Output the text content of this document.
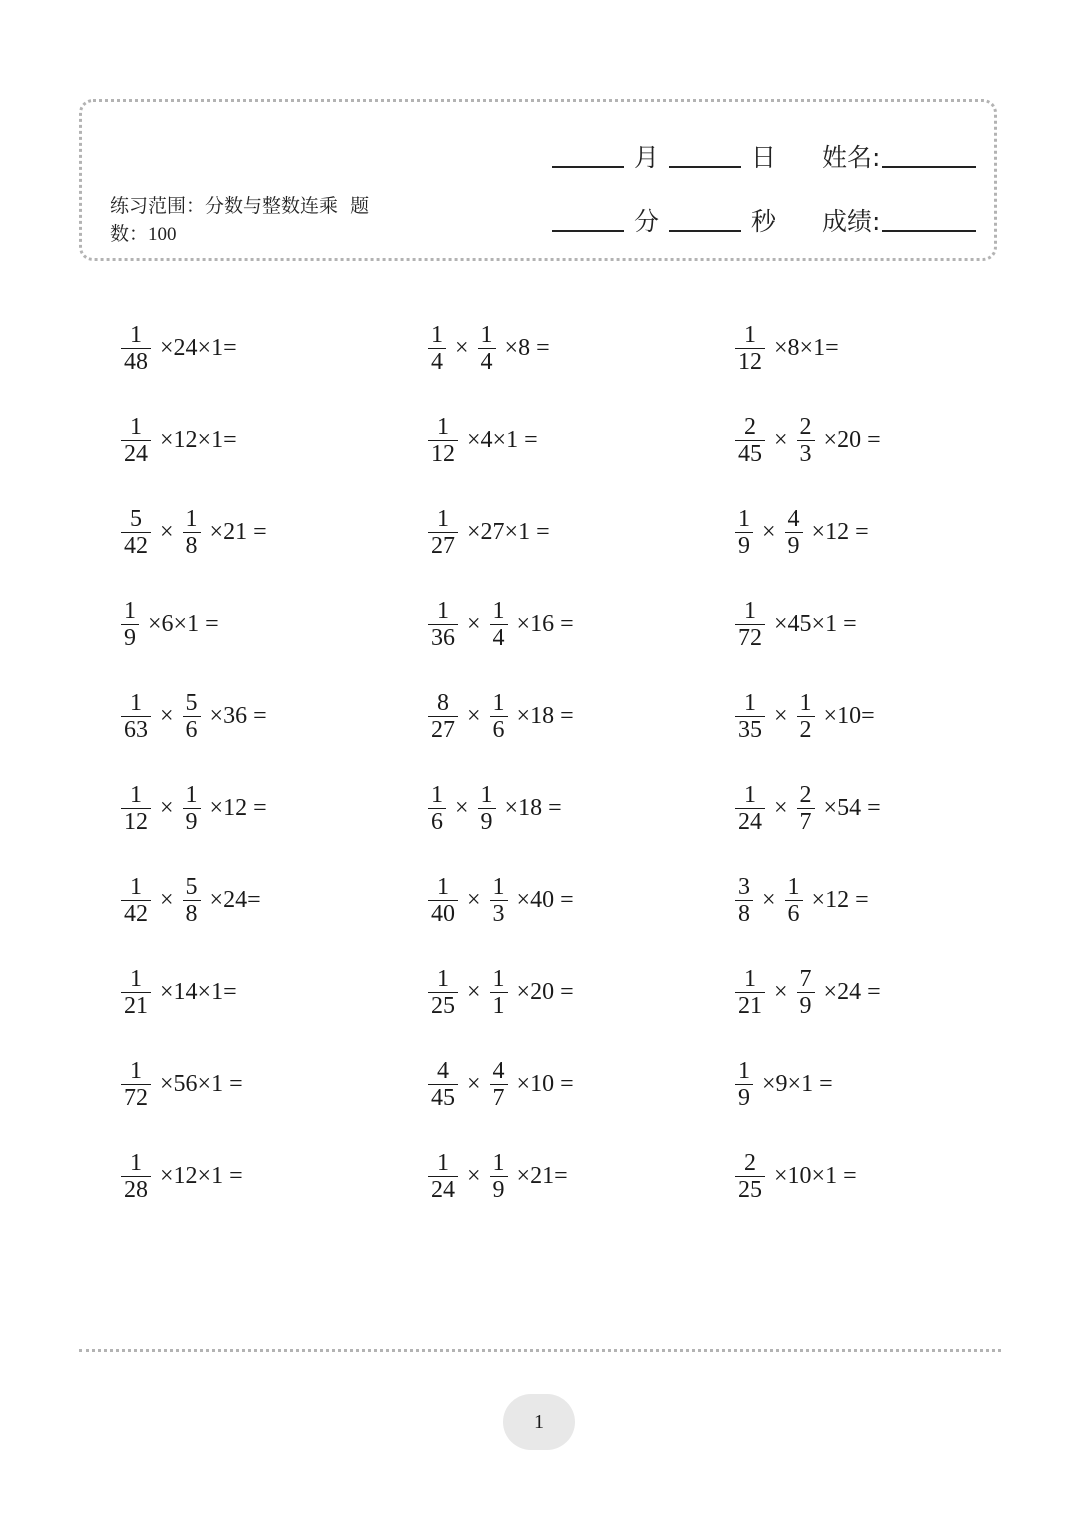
练习范围：分数与整数连乘 题
数：100
月	日 姓名:
分	秒 成绩:
$\frac{1}{48} \times 24\times 1=$	$\frac{1}{4} \times \frac{1}{4} \times 8$ =	$\frac{1}{12} \times 8\times 1=$
$\frac{1}{24} \times 12\times 1=$	$\frac{1}{12} \times 4\times 1$ =	$\frac{2}{45} \times \frac{2}{3} \times 20$ =
$\frac{5}{42} \times \frac{1}{8} \times 21$ =	$\frac{1}{27} \times 27\times 1$ =	$\frac{1}{9} \times \frac{4}{9} \times 12$ =
$\frac{1}{9} \times 6\times 1$ =	$\frac{1}{36} \times \frac{1}{4} \times 16$ =	$\frac{1}{72} \times 45\times 1$ =
$\frac{1}{63} \times \frac{5}{6} \times 36$ =	$\frac{8}{27} \times \frac{1}{6} \times 18$ =	$\frac{1}{35} \times \frac{1}{2} \times 10=$
$\frac{1}{12} \times \frac{1}{9} \times 12$ =	$\frac{1}{6} \times \frac{1}{9} \times 18$ =	$\frac{1}{24} \times \frac{2}{7} \times 54$ =
$\frac{1}{42} \times \frac{5}{8} \times 24=$	$\frac{1}{40} \times \frac{1}{3} \times 40$ =	$\frac{3}{8} \times \frac{1}{6} \times 12$ =
$\frac{1}{21} \times 14\times 1=$	$\frac{1}{25} \times \frac{1}{1} \times 20$ =	$\frac{1}{21} \times \frac{7}{9} \times 24$ =
$\frac{1}{72} \times 56\times 1$ =	$\frac{4}{45} \times \frac{4}{7} \times 10$ =	$\frac{1}{9} \times 9\times 1$ =
$\frac{1}{28} \times 12\times 1$ =	$\frac{1}{24} \times \frac{1}{9} \times 21=$	$\frac{2}{25} \times 10\times 1$ =
1
